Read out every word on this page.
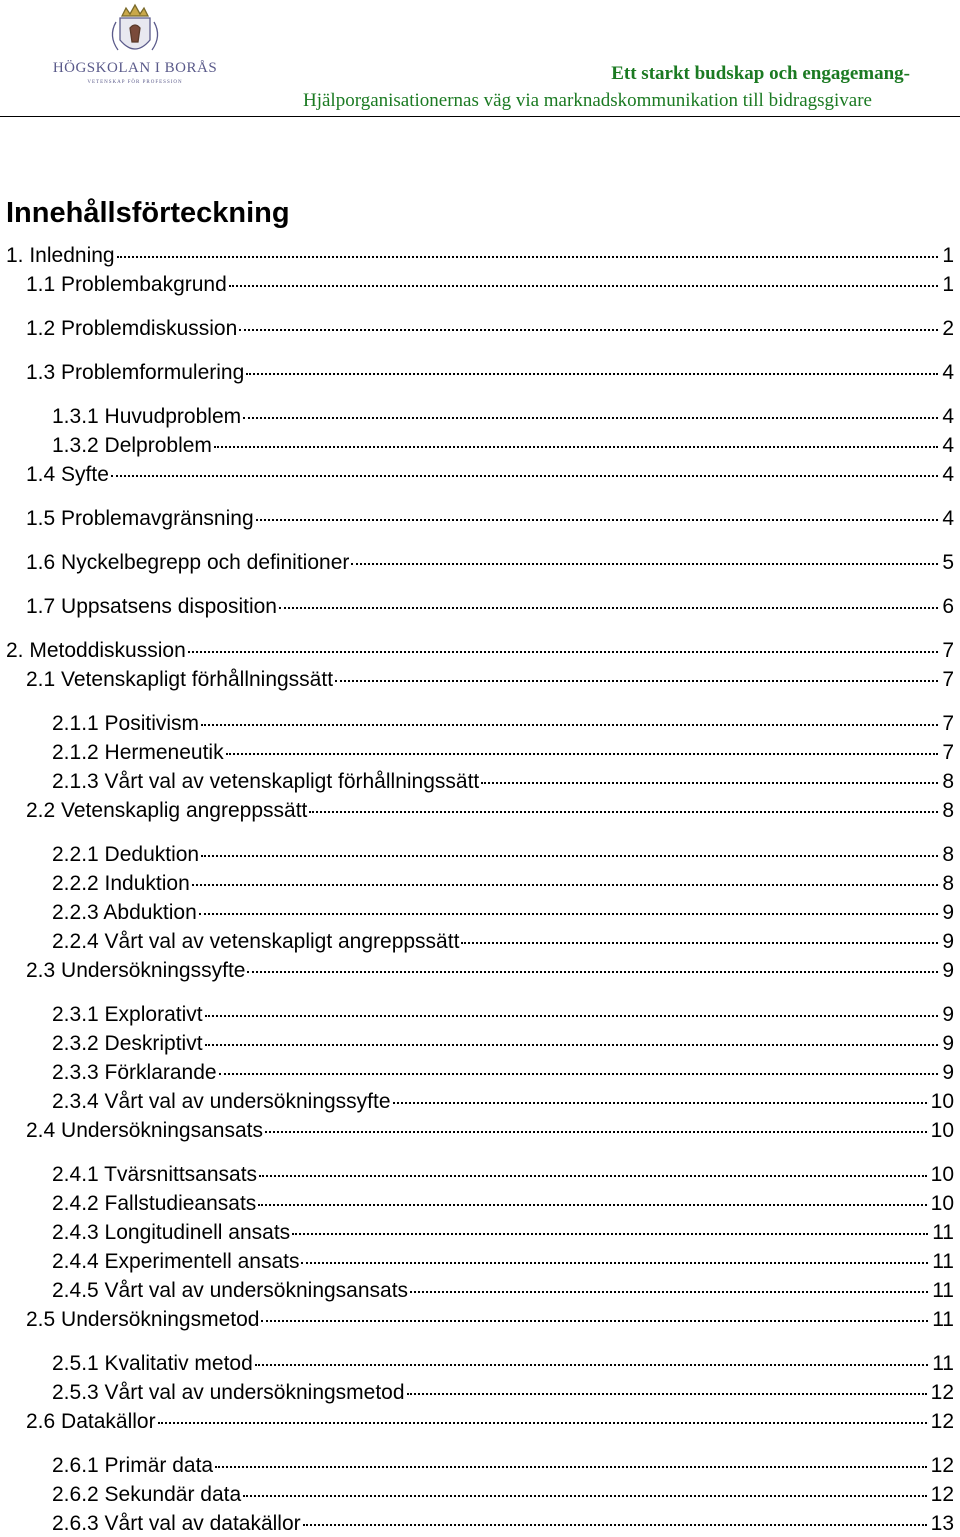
HÖGSKOLAN I BORÅS
VETENSKAP FÖR PROFESSION	Ett starkt budskap och engagemang-
Hjälporganisationernas väg via marknadskommunikation till bidragsgivare
Innehållsförteckning
1. Inledning	1
1.1 Problembakgrund	1
1.2 Problemdiskussion	2
1.3 Problemformulering	4
1.3.1 Huvudproblem	4
1.3.2 Delproblem	4
1.4 Syfte	4
1.5 Problemavgränsning	4
1.6 Nyckelbegrepp och definitioner	5
1.7 Uppsatsens disposition	6
2. Metoddiskussion	7
2.1 Vetenskapligt förhållningssätt	7
2.1.1 Positivism	7
2.1.2 Hermeneutik	7
2.1.3 Vårt val av vetenskapligt förhållningssätt	8
2.2 Vetenskaplig angreppssätt	8
2.2.1 Deduktion	8
2.2.2 Induktion	8
2.2.3 Abduktion	9
2.2.4 Vårt val av vetenskapligt angreppssätt	9
2.3 Undersökningssyfte	9
2.3.1 Explorativt	9
2.3.2 Deskriptivt	9
2.3.3 Förklarande	9
2.3.4 Vårt val av undersökningssyfte	10
2.4 Undersökningsansats	10
2.4.1 Tvärsnittsansats	10
2.4.2 Fallstudieansats	10
2.4.3 Longitudinell ansats	11
2.4.4 Experimentell ansats	11
2.4.5 Vårt val av undersökningsansats	11
2.5 Undersökningsmetod	11
2.5.1 Kvalitativ metod	11
2.5.3 Vårt val av undersökningsmetod	12
2.6 Datakällor	12
2.6.1 Primär data	12
2.6.2 Sekundär data	12
2.6.3 Vårt val av datakällor	13
